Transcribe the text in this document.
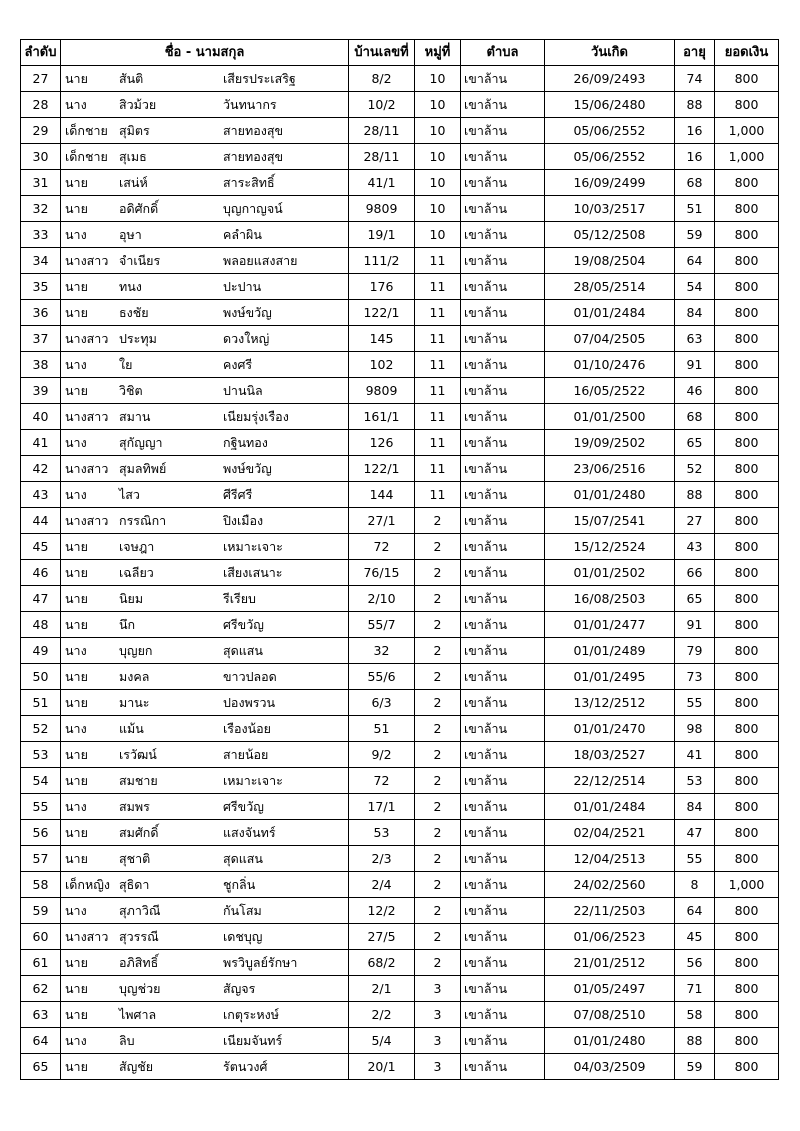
ลำดับ	ชื่อ - นามสกุล	บ้านเลขที่	หมู่ที่	ตำบล	วันเกิด	อายุ	ยอดเงิน
27	นาย สันติ เสียรประเสริฐ	8/2	10	เขาล้าน	26/09/2493	74	800
28	นาง สิวม้วย วันทนากร	10/2	10	เขาล้าน	15/06/2480	88	800
29	เด็กชาย สุมิตร สายทองสุข	28/11	10	เขาล้าน	05/06/2552	16	1,000
30	เด็กชาย สุเมธ สายทองสุข	28/11	10	เขาล้าน	05/06/2552	16	1,000
31	นาย เสน่ห์ สาระสิทธิ์	41/1	10	เขาล้าน	16/09/2499	68	800
32	นาย อดิศักดิ์ บุญกาญจน์	9809	10	เขาล้าน	10/03/2517	51	800
33	นาง อุษา คลำผิน	19/1	10	เขาล้าน	05/12/2508	59	800
34	นางสาว จำเนียร พลอยแสงสาย	111/2	11	เขาล้าน	19/08/2504	64	800
35	นาย ทนง ปะปาน	176	11	เขาล้าน	28/05/2514	54	800
36	นาย ธงชัย พงษ์ขวัญ	122/1	11	เขาล้าน	01/01/2484	84	800
37	นางสาว ประทุม ดวงใหญ่	145	11	เขาล้าน	07/04/2505	63	800
38	นาง ใย คงศรี	102	11	เขาล้าน	01/10/2476	91	800
39	นาย วิชิต ปานนิล	9809	11	เขาล้าน	16/05/2522	46	800
40	นางสาว สมาน เนียมรุ่งเรือง	161/1	11	เขาล้าน	01/01/2500	68	800
41	นาง สุกัญญา กฐินทอง	126	11	เขาล้าน	19/09/2502	65	800
42	นางสาว สุมลทิพย์ พงษ์ขวัญ	122/1	11	เขาล้าน	23/06/2516	52	800
43	นาง ไสว ศีรีศรี	144	11	เขาล้าน	01/01/2480	88	800
44	นางสาว กรรณิกา ปิงเมือง	27/1	2	เขาล้าน	15/07/2541	27	800
45	นาย เจษฎา เหมาะเจาะ	72	2	เขาล้าน	15/12/2524	43	800
46	นาย เฉลียว เสียงเสนาะ	76/15	2	เขาล้าน	01/01/2502	66	800
47	นาย นิยม รีเรียบ	2/10	2	เขาล้าน	16/08/2503	65	800
48	นาย นึก ศรีขวัญ	55/7	2	เขาล้าน	01/01/2477	91	800
49	นาง บุญยก สุดแสน	32	2	เขาล้าน	01/01/2489	79	800
50	นาย มงคล ขาวปลอด	55/6	2	เขาล้าน	01/01/2495	73	800
51	นาย มานะ ปองพรวน	6/3	2	เขาล้าน	13/12/2512	55	800
52	นาง แม้น เรืองน้อย	51	2	เขาล้าน	01/01/2470	98	800
53	นาย เรวัฒน์ สายน้อย	9/2	2	เขาล้าน	18/03/2527	41	800
54	นาย สมชาย เหมาะเจาะ	72	2	เขาล้าน	22/12/2514	53	800
55	นาง สมพร ศรีขวัญ	17/1	2	เขาล้าน	01/01/2484	84	800
56	นาย สมศักดิ์ แสงจันทร์	53	2	เขาล้าน	02/04/2521	47	800
57	นาย สุชาติ สุดแสน	2/3	2	เขาล้าน	12/04/2513	55	800
58	เด็กหญิง สุธิดา ชูกลิ่น	2/4	2	เขาล้าน	24/02/2560	8	1,000
59	นาง สุภาวิณี กันโสม	12/2	2	เขาล้าน	22/11/2503	64	800
60	นางสาว สุวรรณี เดชบุญ	27/5	2	เขาล้าน	01/06/2523	45	800
61	นาย อภิสิทธิ์ พรวิบูลย์รักษา	68/2	2	เขาล้าน	21/01/2512	56	800
62	นาย บุญช่วย สัญจร	2/1	3	เขาล้าน	01/05/2497	71	800
63	นาย ไพศาล เกตุระหงษ์	2/2	3	เขาล้าน	07/08/2510	58	800
64	นาง ลิบ เนียมจันทร์	5/4	3	เขาล้าน	01/01/2480	88	800
65	นาย สัญชัย รัตนวงศ์	20/1	3	เขาล้าน	04/03/2509	59	800
